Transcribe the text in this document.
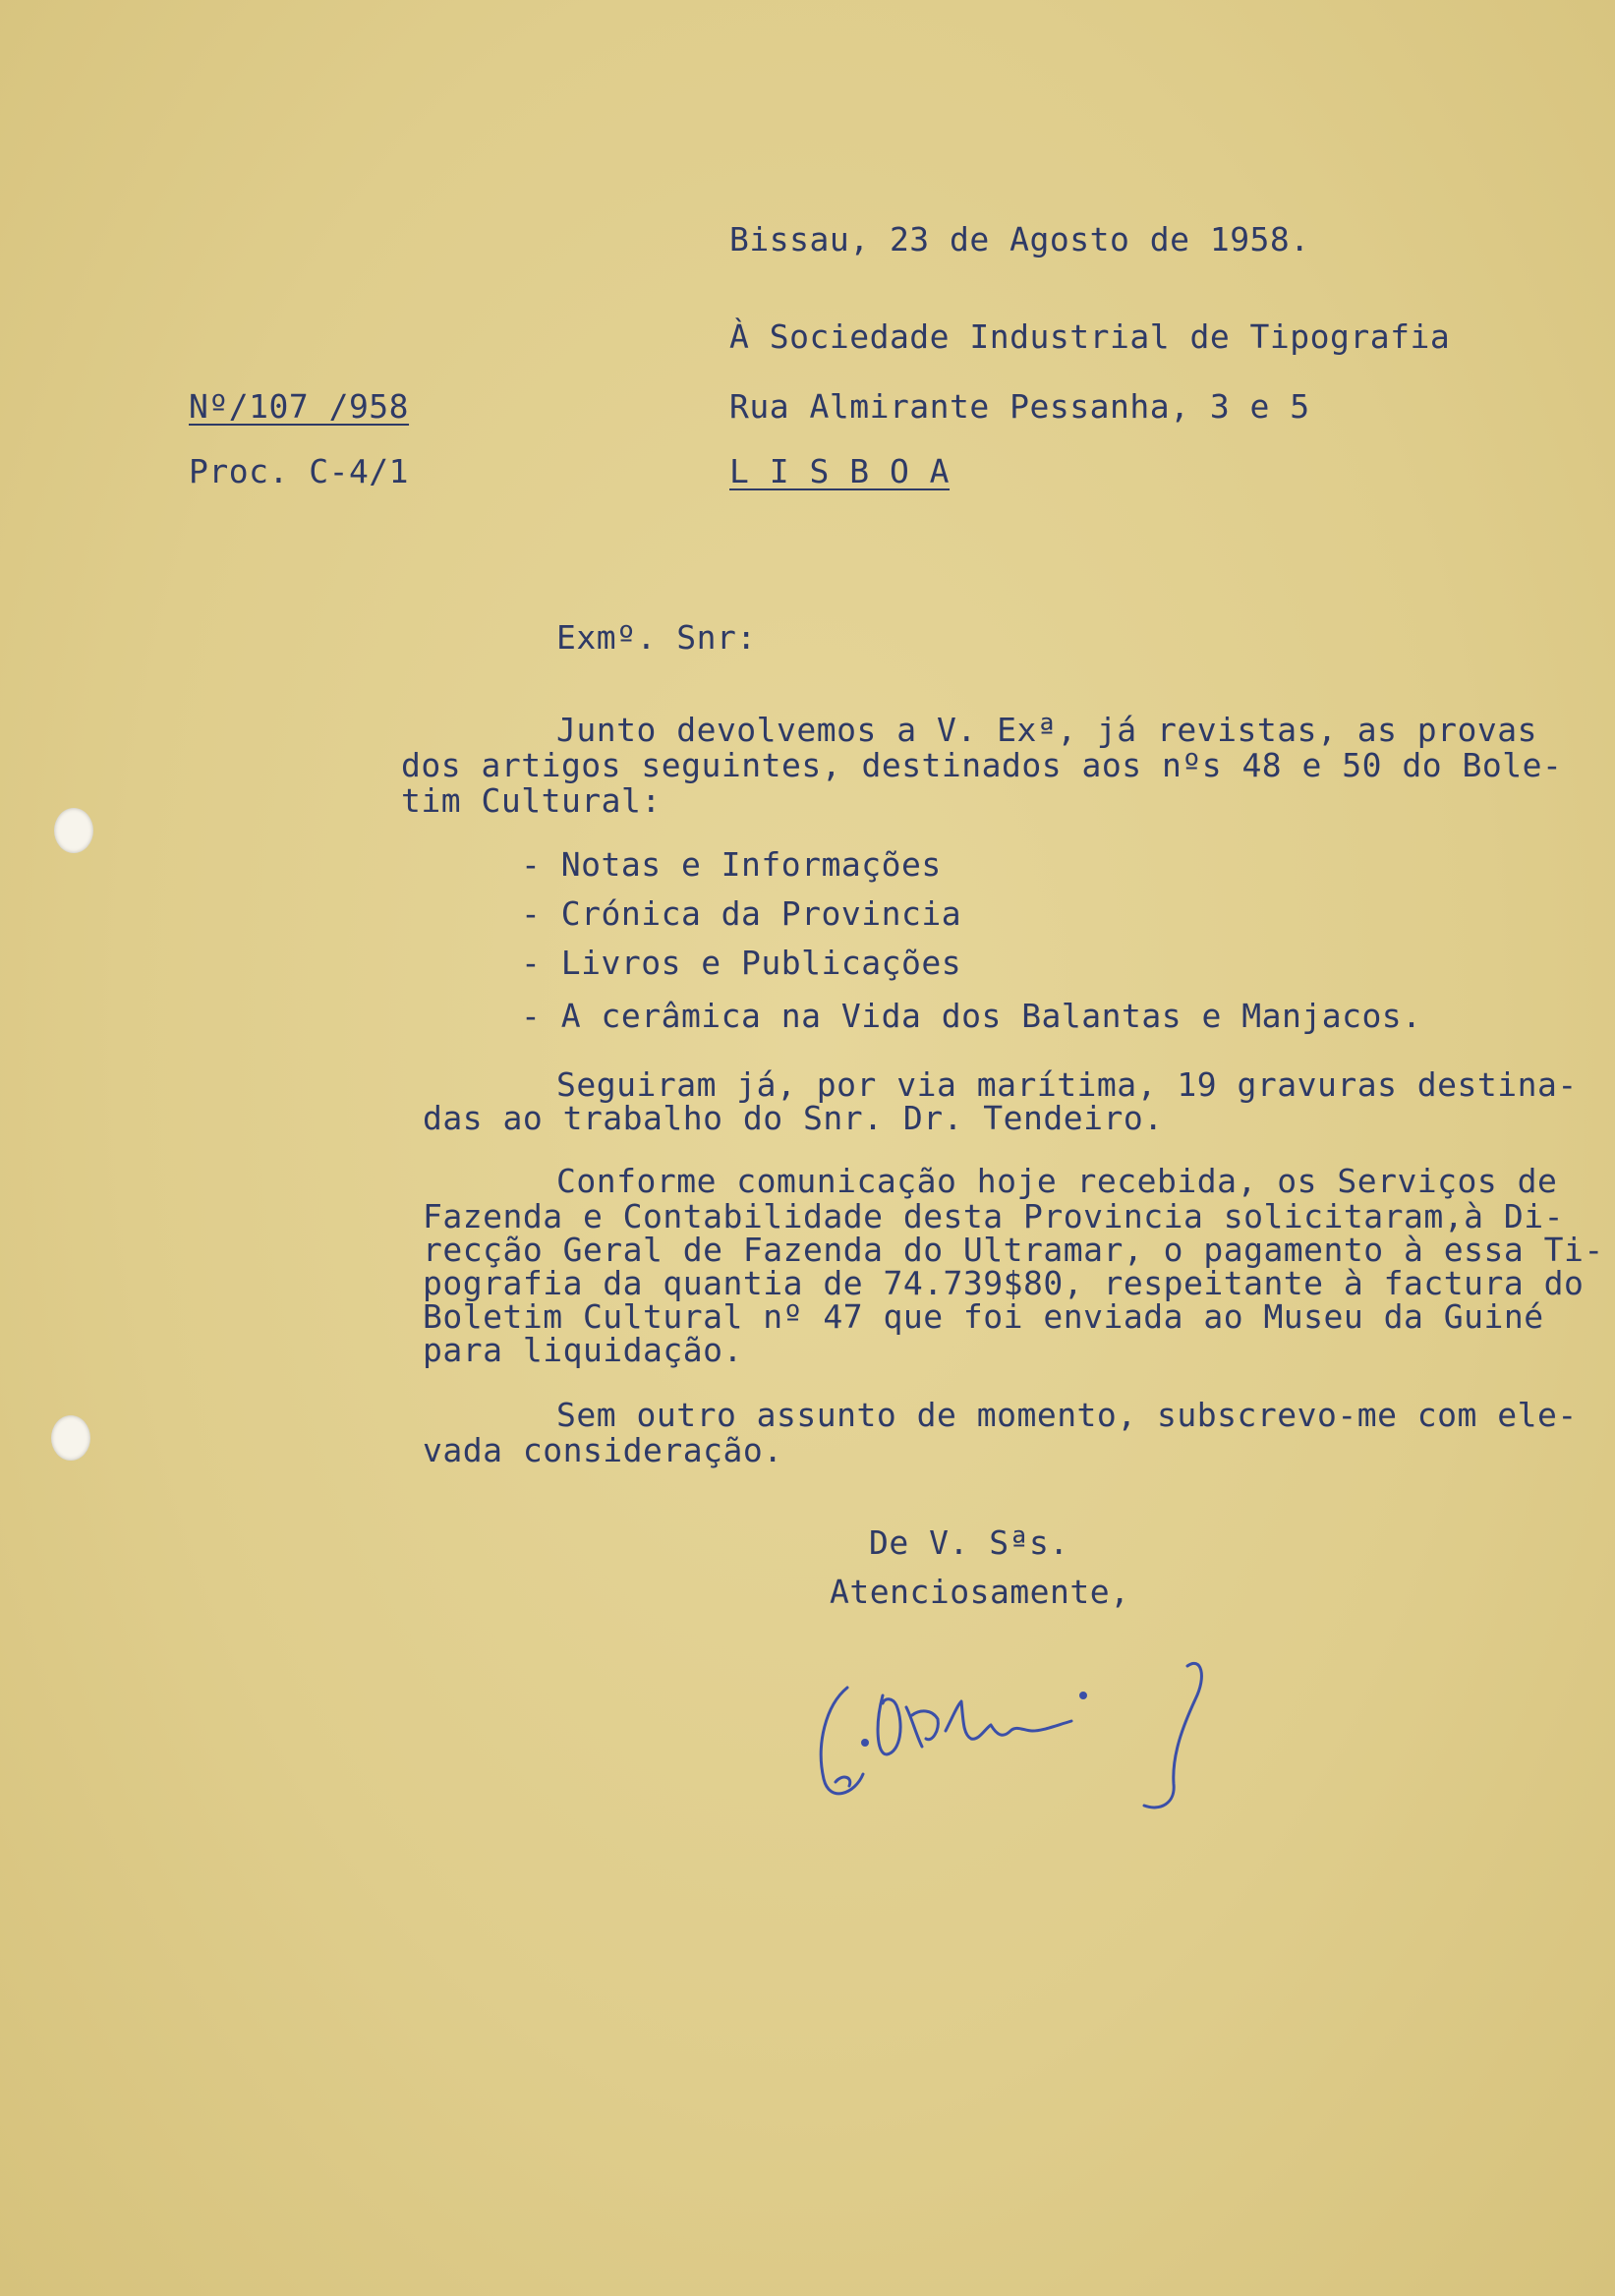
Bissau, 23 de Agosto de 1958.
À Sociedade Industrial de Tipografia
Rua Almirante Pessanha, 3 e 5
L I S B O A
Nº/107 /958
Proc. C-4/1
Exmº. Snr:
Junto devolvemos a V. Exª, já revistas, as provas
dos artigos seguintes, destinados aos nºs 48 e 50 do Bole-
tim Cultural:
- Notas e Informações
- Crónica da Provincia
- Livros e Publicações
- A cerâmica na Vida dos Balantas e Manjacos.
Seguiram já, por via marítima, 19 gravuras destina-
das ao trabalho do Snr. Dr. Tendeiro.
Conforme comunicação hoje recebida, os Serviços de
Fazenda e Contabilidade desta Provincia solicitaram,à Di-
recção Geral de Fazenda do Ultramar, o pagamento à essa Ti-
pografia da quantia de 74.739$80, respeitante à factura do
Boletim Cultural nº 47 que foi enviada ao Museu da Guiné
para liquidação.
Sem outro assunto de momento, subscrevo-me com ele-
vada consideração.
De V. Sªs.
Atenciosamente,
